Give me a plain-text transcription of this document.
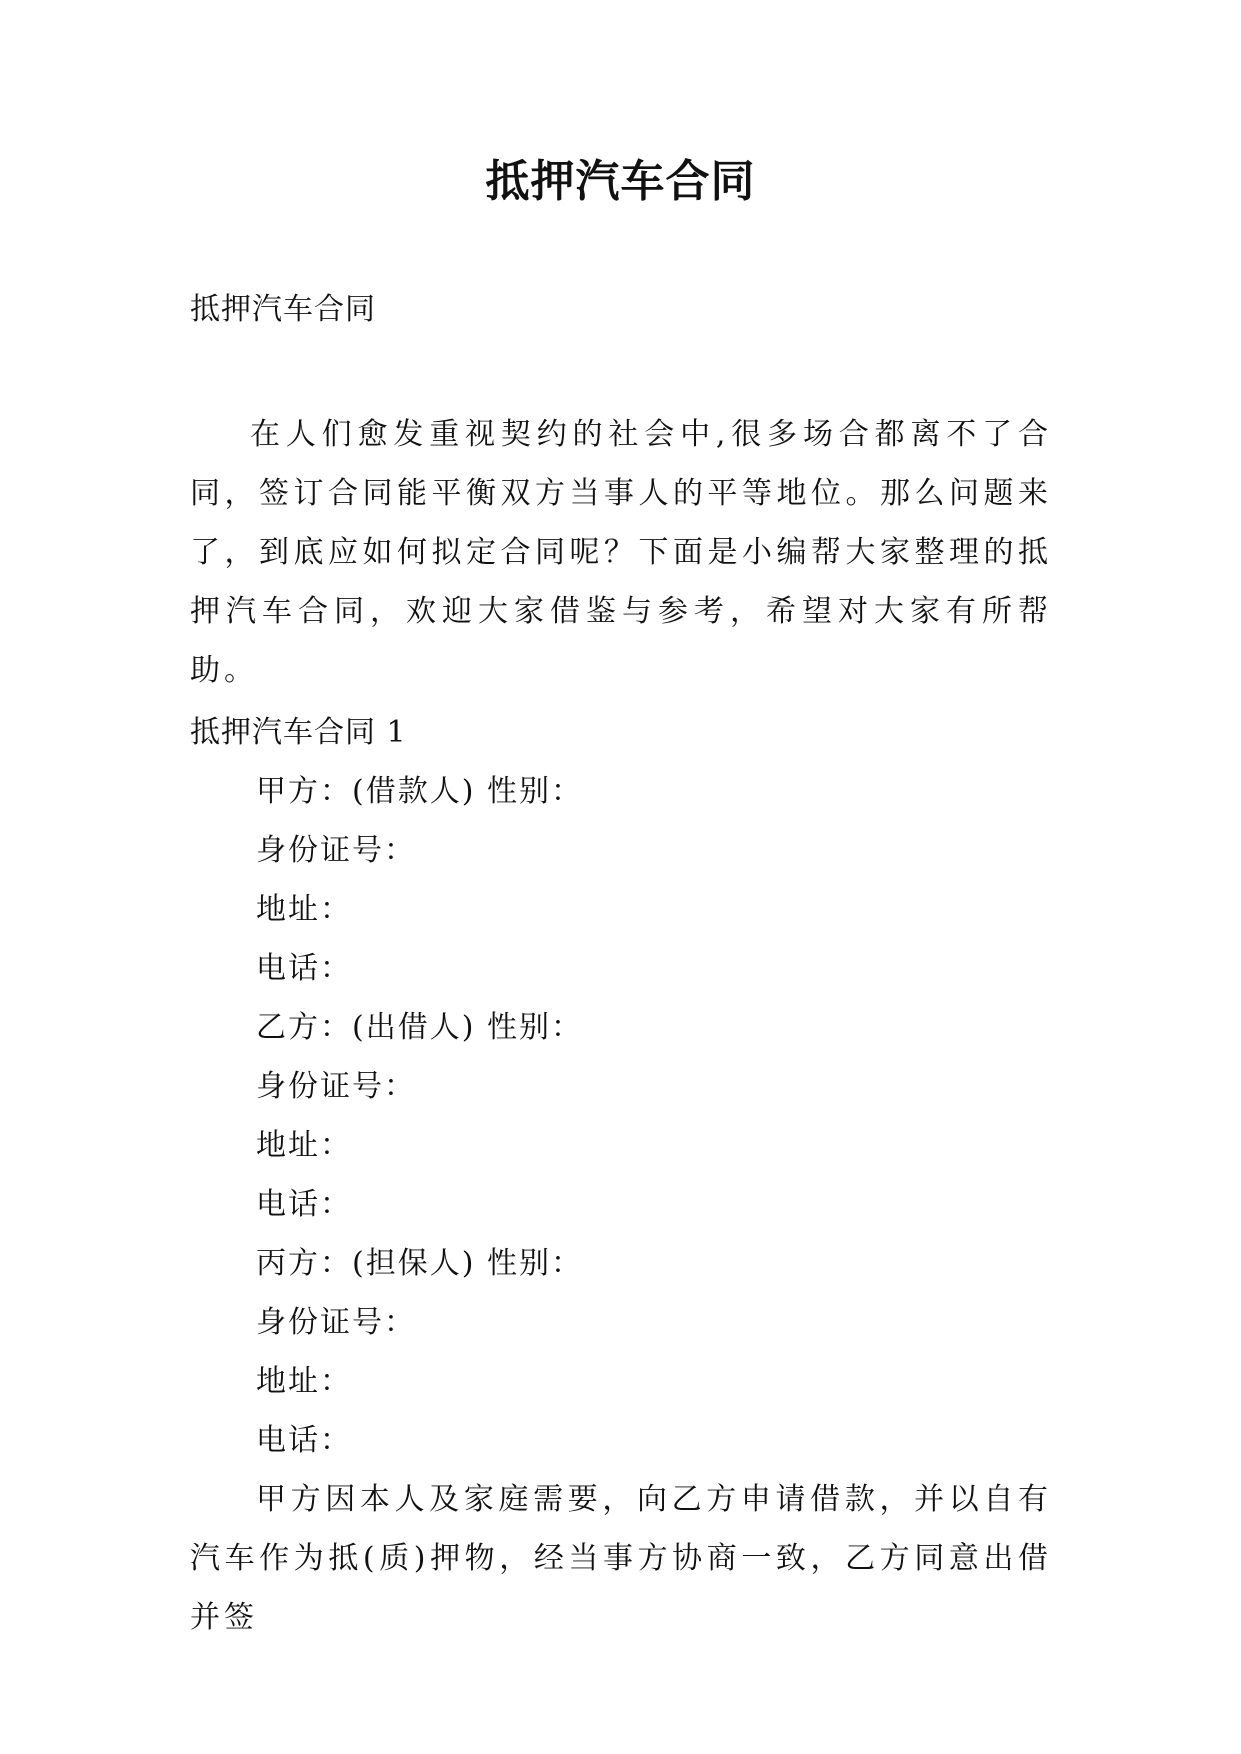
抵押汽车合同
抵押汽车合同
在人们愈发重视契约的社会中,很多场合都离不了合同，签订合同能平衡双方当事人的平等地位。那么问题来了，到底应如何拟定合同呢？下面是小编帮大家整理的抵押汽车合同，欢迎大家借鉴与参考，希望对大家有所帮助。
抵押汽车合同 1
甲方：(借款人) 性别：
身份证号：
地址：
电话：
乙方：(出借人) 性别：
身份证号：
地址：
电话：
丙方：(担保人) 性别：
身份证号：
地址：
电话：
甲方因本人及家庭需要，向乙方申请借款，并以自有汽车作为抵(质)押物，经当事方协商一致，乙方同意出借并签
